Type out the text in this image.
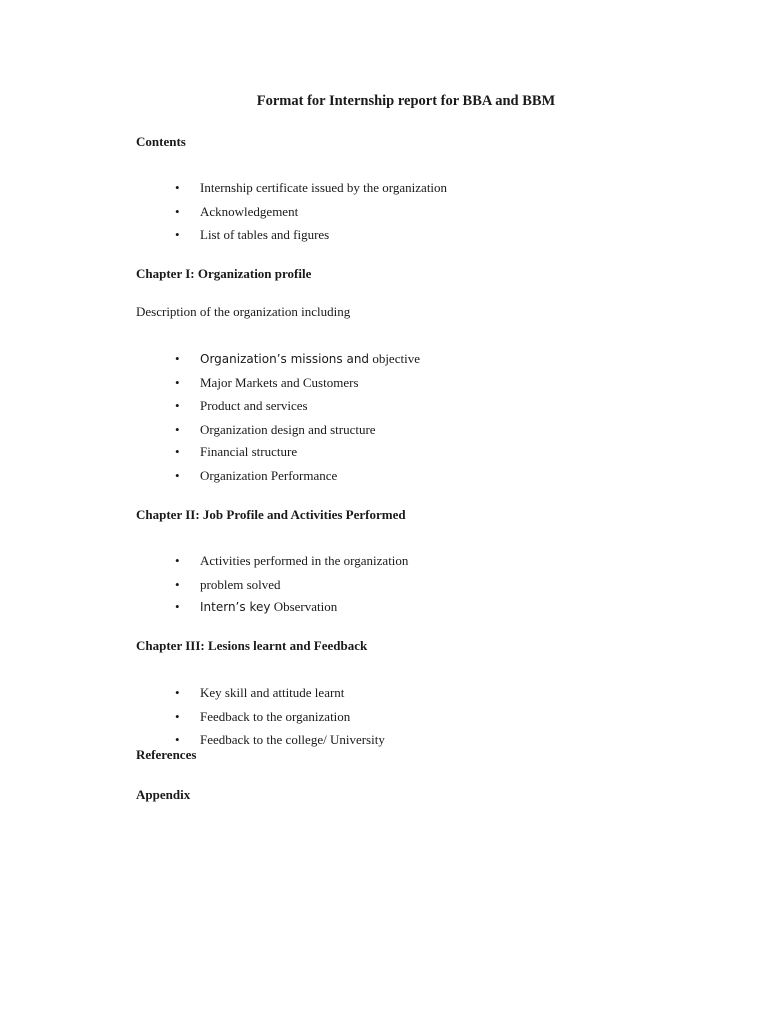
Format for Internship report for BBA and BBM
Contents
• Internship certificate issued by the organization
• Acknowledgement
• List of tables and figures
Chapter I: Organization profile
Description of the organization including
• Organization’s missions and objective
• Major Markets and Customers
• Product and services
• Organization design and structure
• Financial structure
• Organization Performance
Chapter II: Job Profile and Activities Performed
• Activities performed in the organization
• problem solved
• Intern’s key Observation
Chapter III: Lesions learnt and Feedback
• Key skill and attitude learnt
• Feedback to the organization
• Feedback to the college/ University
References
Appendix
